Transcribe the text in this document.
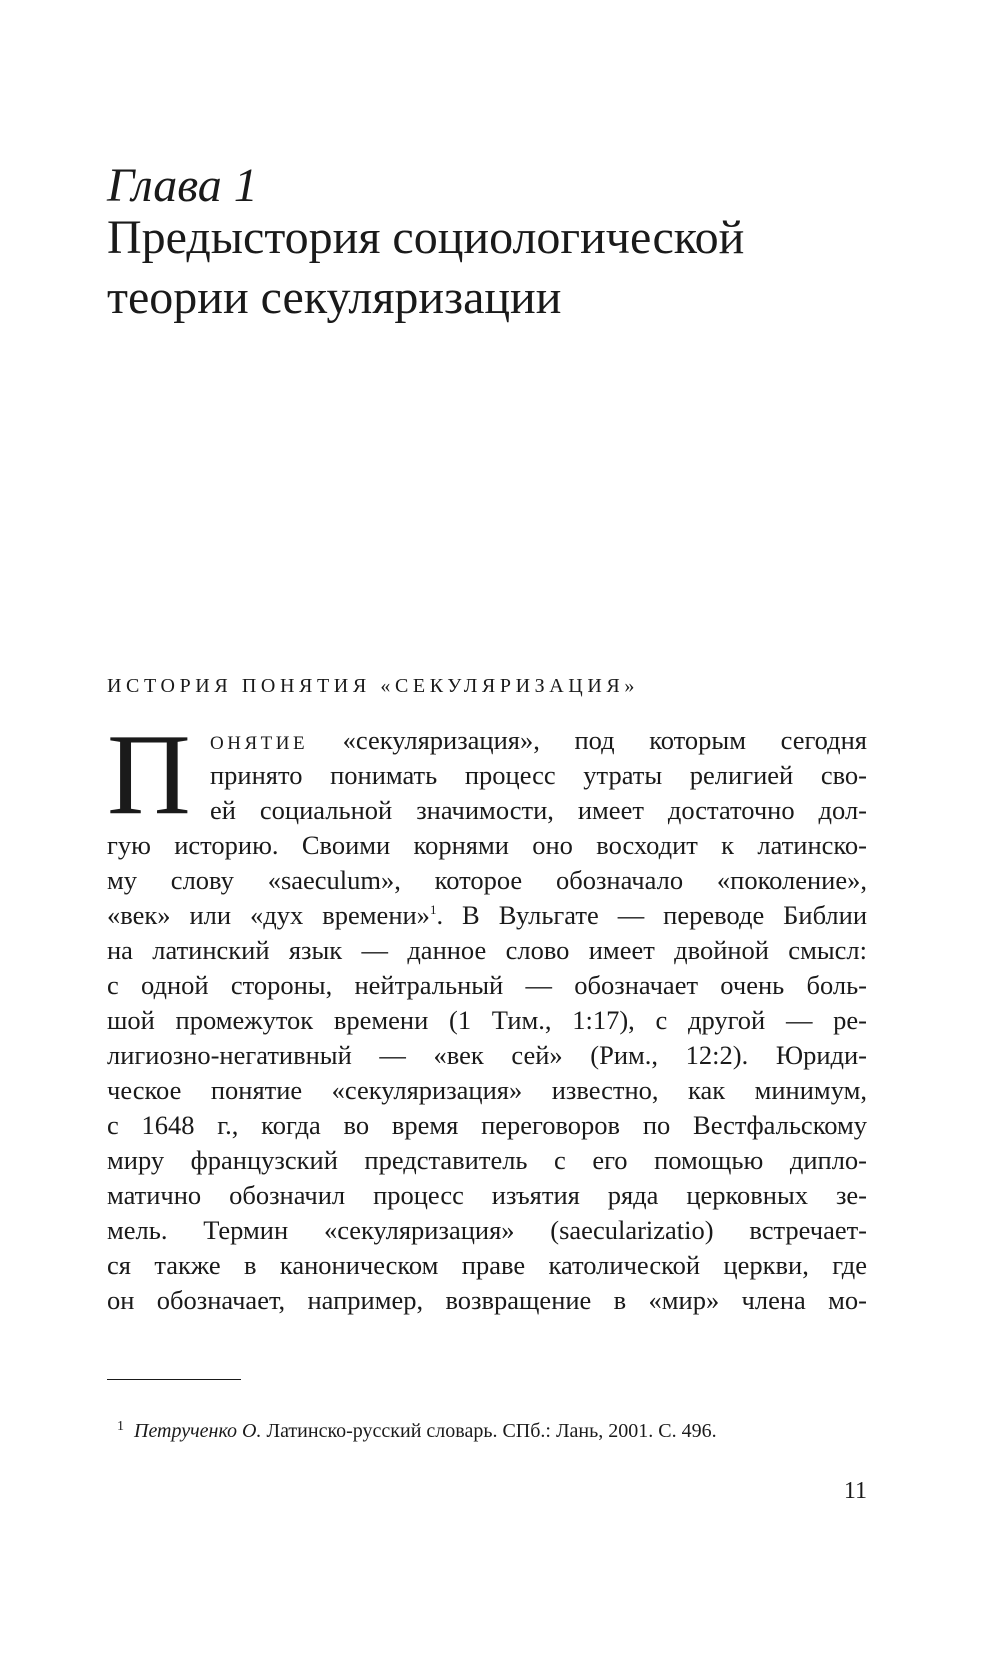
Глава 1
Предыстория социологической
теории секуляризации
ИСТОРИЯ ПОНЯТИЯ «СЕКУЛЯРИЗАЦИЯ»
П ОНЯТИЕ «секуляризация», под которым сегодня
принято понимать процесс утраты религией сво-
ей социальной значимости, имеет достаточно дол-
гую историю. Своими корнями оно восходит к латинско-
му слову «saeculum», которое обозначало «поколение»,
«век» или «дух времени»$^1$. В Вульгате — переводе Библии
на латинский язык — данное слово имеет двойной смысл:
с одной стороны, нейтральный — обозначает очень боль-
шой промежуток времени (1 Тим., 1:17), с другой — ре-
лигиозно-негативный — «век сей» (Рим., 12:2). Юриди-
ческое понятие «секуляризация» известно, как минимум,
с 1648 г., когда во время переговоров по Вестфальскому
миру французский представитель с его помощью дипло-
матично обозначил процесс изъятия ряда церковных зе-
мель. Термин «секуляризация» (saecularizatio) встречает-
ся также в каноническом праве католической церкви, где
он обозначает, например, возвращение в «мир» члена мо-
1 Петрученко О. Латинско-русский словарь. СПб.: Лань, 2001. С. 496.
11
